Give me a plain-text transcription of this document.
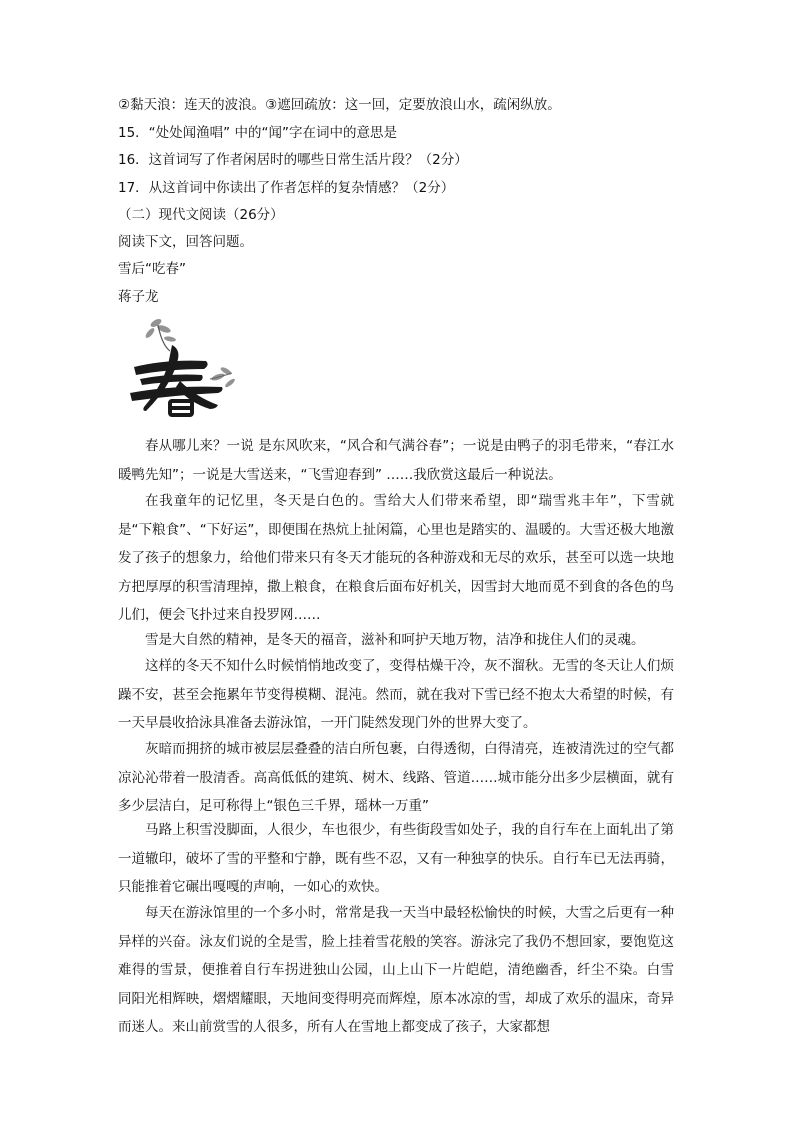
②黏天浪：连天的波浪。③遮回疏放：这一回，定要放浪山水，疏闲纵放。
15．“处处闻渔唱” 中的“闻”字在词中的意思是
16．这首词写了作者闲居时的哪些日常生活片段？（2分）
17．从这首词中你读出了作者怎样的复杂情感？（2分）
（二）现代文阅读（26分）
阅读下文，回答问题。
雪后“吃春”
蒋子龙
春

春从哪儿来？一说 是东风吹来，“风合和气满谷春”；一说是由鸭子的羽毛带来，“春江水暖鸭先知”；一说是大雪送来，“飞雪迎春到” ……我欣赏这最后一种说法。

在我童年的记忆里，冬天是白色的。雪给大人们带来希望，即“瑞雪兆丰年”，下雪就是“下粮食”、“下好运”，即便围在热炕上扯闲篇，心里也是踏实的、温暖的。大雪还极大地激发了孩子的想象力，给他们带来只有冬天才能玩的各种游戏和无尽的欢乐，甚至可以选一块地方把厚厚的积雪清理掉，撒上粮食，在粮食后面布好机关，因雪封大地而觅不到食的各色的鸟儿们，便会飞扑过来自投罗网……

雪是大自然的精神，是冬天的福音，滋补和呵护天地万物，洁净和拢住人们的灵魂。

这样的冬天不知什么时候悄悄地改变了，变得枯燥干冷，灰不溜秋。无雪的冬天让人们烦躁不安，甚至会拖累年节变得模糊、混沌。然而，就在我对下雪已经不抱太大希望的时候，有一天早晨收拾泳具准备去游泳馆，一开门陡然发现门外的世界大变了。

灰暗而拥挤的城市被层层叠叠的洁白所包裹，白得透彻，白得清亮，连被清洗过的空气都凉沁沁带着一股清香。高高低低的建筑、树木、线路、管道……城市能分出多少层横面，就有多少层洁白，足可称得上“银色三千界，瑶林一万重”

马路上积雪没脚面，人很少，车也很少，有些街段雪如处子，我的自行车在上面轧出了第一道辙印，破坏了雪的平整和宁静，既有些不忍，又有一种独享的快乐。自行车已无法再骑，只能推着它碾出嘎嘎的声响，一如心的欢快。

每天在游泳馆里的一个多小时，常常是我一天当中最轻松愉快的时候，大雪之后更有一种异样的兴奋。泳友们说的全是雪，脸上挂着雪花般的笑容。游泳完了我仍不想回家，要饱览这难得的雪景，便推着自行车拐进独山公园，山上山下一片皑皑，清绝幽香，纤尘不染。白雪 同阳光相辉映，熠熠耀眼，天地间变得明亮而辉煌，原本冰凉的雪，却成了欢乐的温床，奇异而迷人。来山前赏雪的人很多，所有人在雪地上都变成了孩子，大家都想
